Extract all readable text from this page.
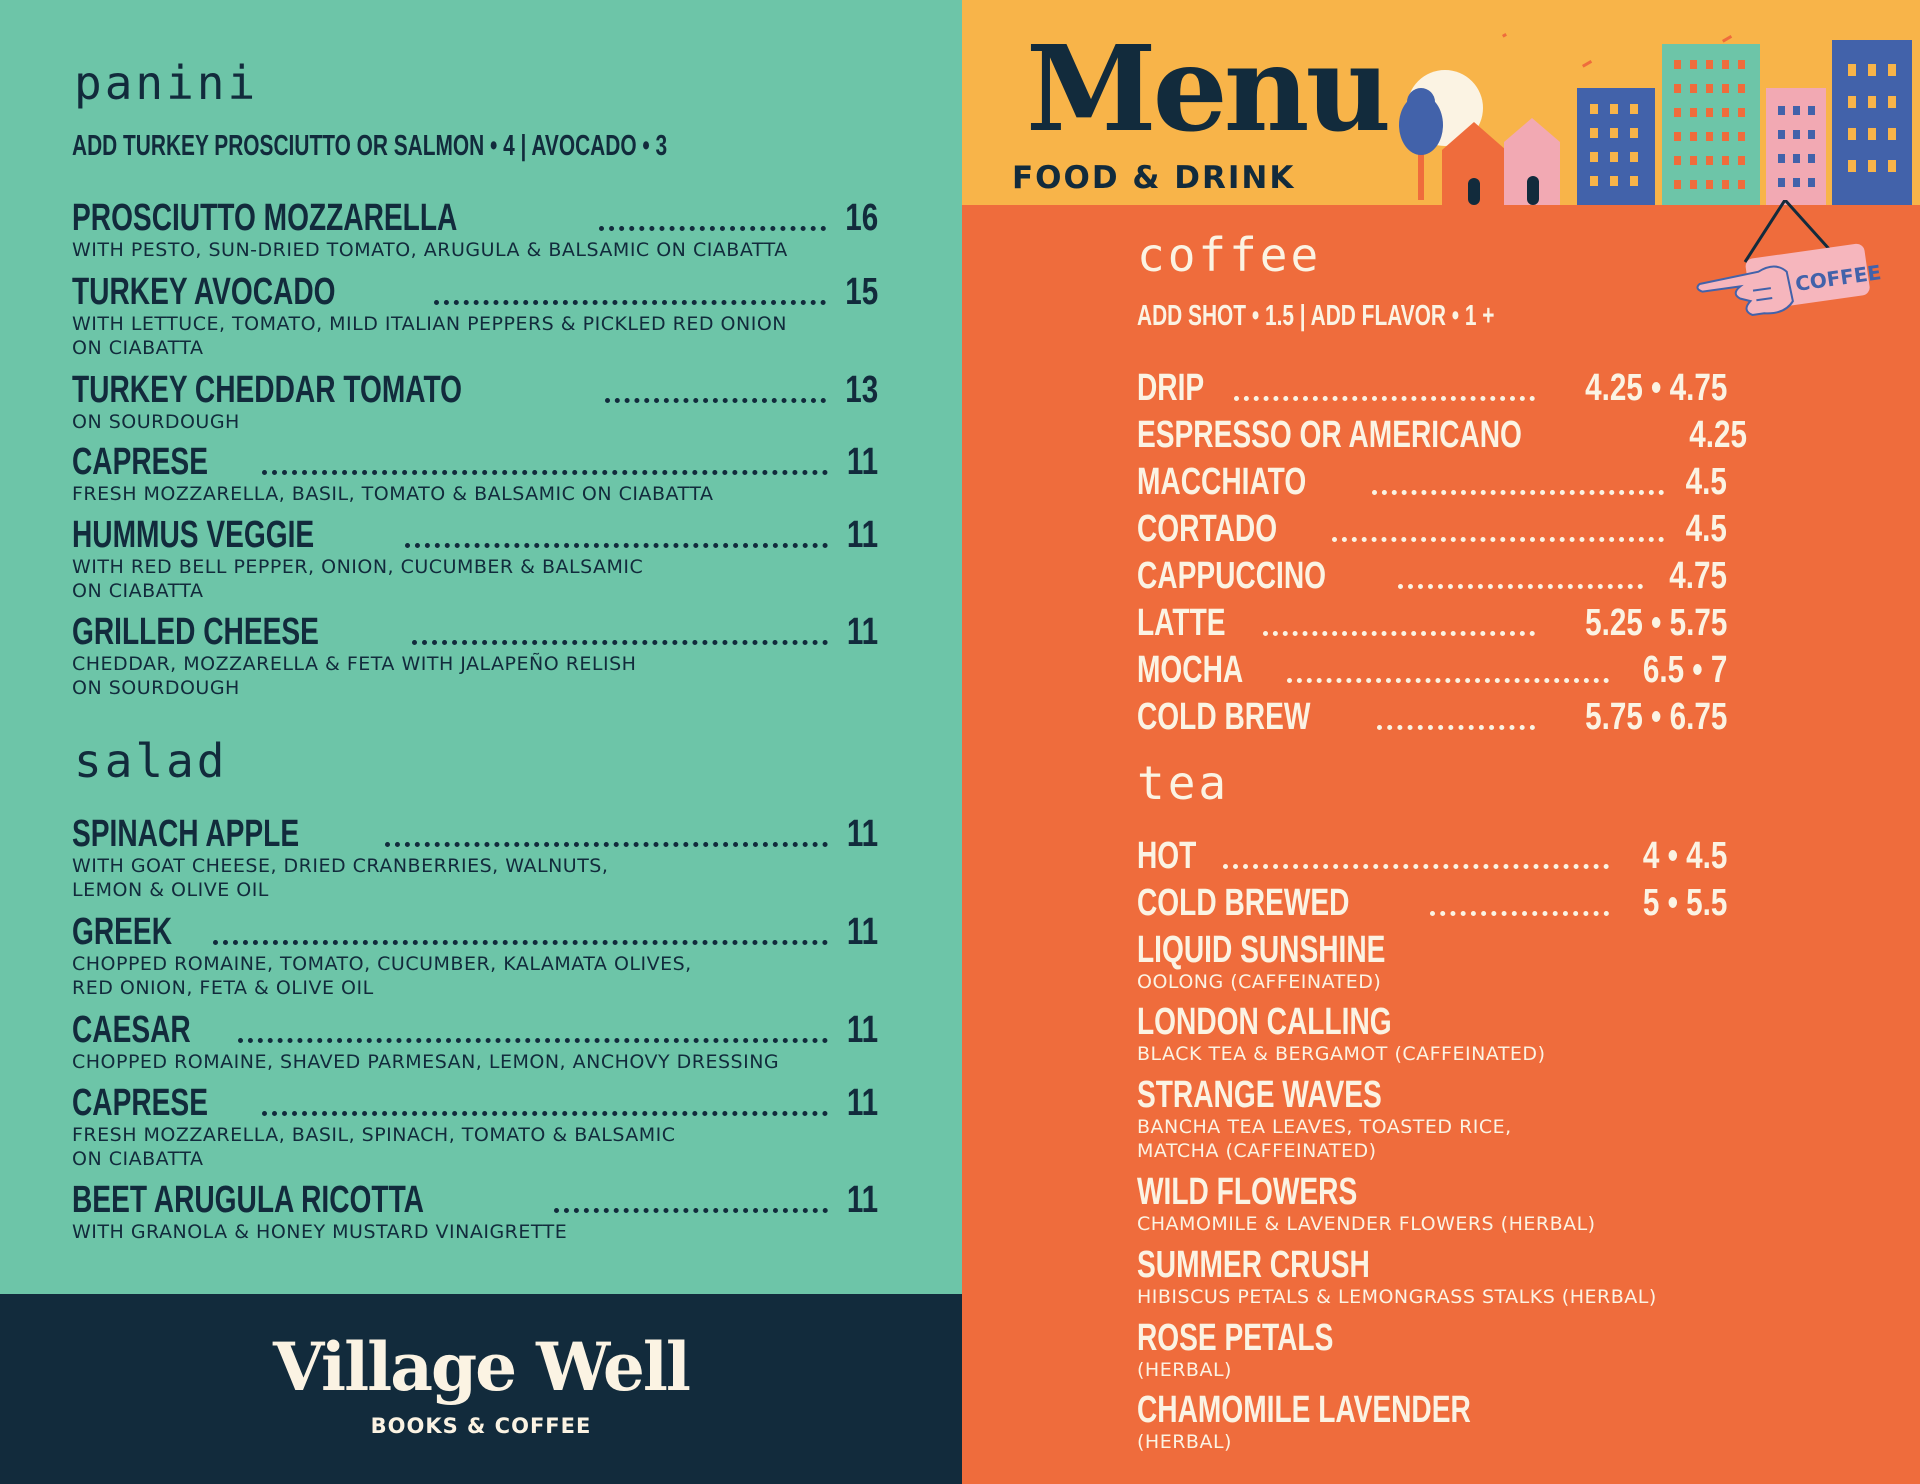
panini
ADD TURKEY PROSCIUTTO OR SALMON • 4 | AVOCADO • 3
PROSCIUTTO MOZZARELLA	16
WITH PESTO, SUN-DRIED TOMATO, ARUGULA & BALSAMIC ON CIABATTA
TURKEY AVOCADO	15
WITH LETTUCE, TOMATO, MILD ITALIAN PEPPERS & PICKLED RED ONION
ON CIABATTA
TURKEY CHEDDAR TOMATO	13
ON SOURDOUGH
CAPRESE	11
FRESH MOZZARELLA, BASIL, TOMATO & BALSAMIC ON CIABATTA
HUMMUS VEGGIE	11
WITH RED BELL PEPPER, ONION, CUCUMBER & BALSAMIC
ON CIABATTA
GRILLED CHEESE	11
CHEDDAR, MOZZARELLA & FETA WITH JALAPEÑO RELISH
ON SOURDOUGH
salad
SPINACH APPLE	11
WITH GOAT CHEESE, DRIED CRANBERRIES, WALNUTS,
LEMON & OLIVE OIL
GREEK	11
CHOPPED ROMAINE, TOMATO, CUCUMBER, KALAMATA OLIVES,
RED ONION, FETA & OLIVE OIL
CAESAR	11
CHOPPED ROMAINE, SHAVED PARMESAN, LEMON, ANCHOVY DRESSING
CAPRESE	11
FRESH MOZZARELLA, BASIL, SPINACH, TOMATO & BALSAMIC
ON CIABATTA
BEET ARUGULA RICOTTA	11
WITH GRANOLA & HONEY MUSTARD VINAIGRETTE
Village Well
BOOKS & COFFEE
Menu
FOOD & DRINK
coffee
ADD SHOT • 1.5 | ADD FLAVOR • 1 +
DRIP	4.25 • 4.75
ESPRESSO OR AMERICANO	4.25
MACCHIATO	4.5
CORTADO	4.5
CAPPUCCINO	4.75
LATTE	5.25 • 5.75
MOCHA	6.5 • 7
COLD BREW	5.75 • 6.75
tea
HOT	4 • 4.5
COLD BREWED	5 • 5.5
LIQUID SUNSHINE
OOLONG (CAFFEINATED)
LONDON CALLING
BLACK TEA & BERGAMOT (CAFFEINATED)
STRANGE WAVES
BANCHA TEA LEAVES, TOASTED RICE,
MATCHA (CAFFEINATED)
WILD FLOWERS
CHAMOMILE & LAVENDER FLOWERS (HERBAL)
SUMMER CRUSH
HIBISCUS PETALS & LEMONGRASS STALKS (HERBAL)
ROSE PETALS
(HERBAL)
CHAMOMILE LAVENDER
(HERBAL)
COFFEE
